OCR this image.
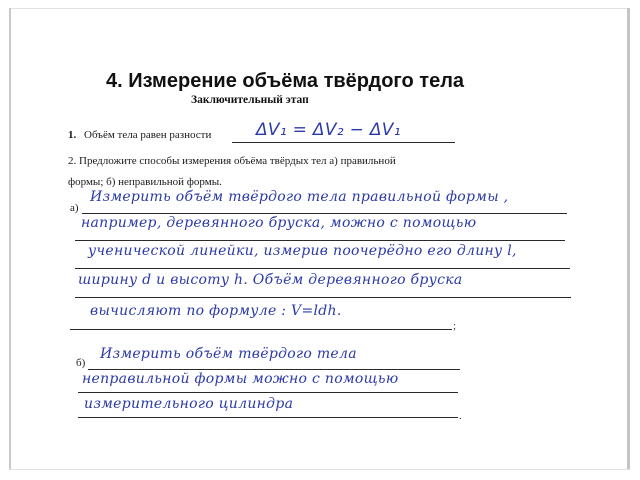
4. Измерение объёма твёрдого тела
Заключительный этап
1. Объём тела равен разности	ΔV₁ = ΔV₂ − ΔV₁
2. Предложите способы измерения объёма твёрдых тел а) правильной
формы; б) неправильной формы.
а)
Измерить объём твёрдого тела правильной формы ,
например, деревянного бруска, можно с помощью
ученической линейки, измерив поочерёдно его длину l,
ширину d и высоту h. Объём деревянного бруска
вычисляют по формуле : V=ldh.
;
б)
Измерить объём твёрдого тела
неправильной формы можно с помощью
измерительного цилиндра
.
